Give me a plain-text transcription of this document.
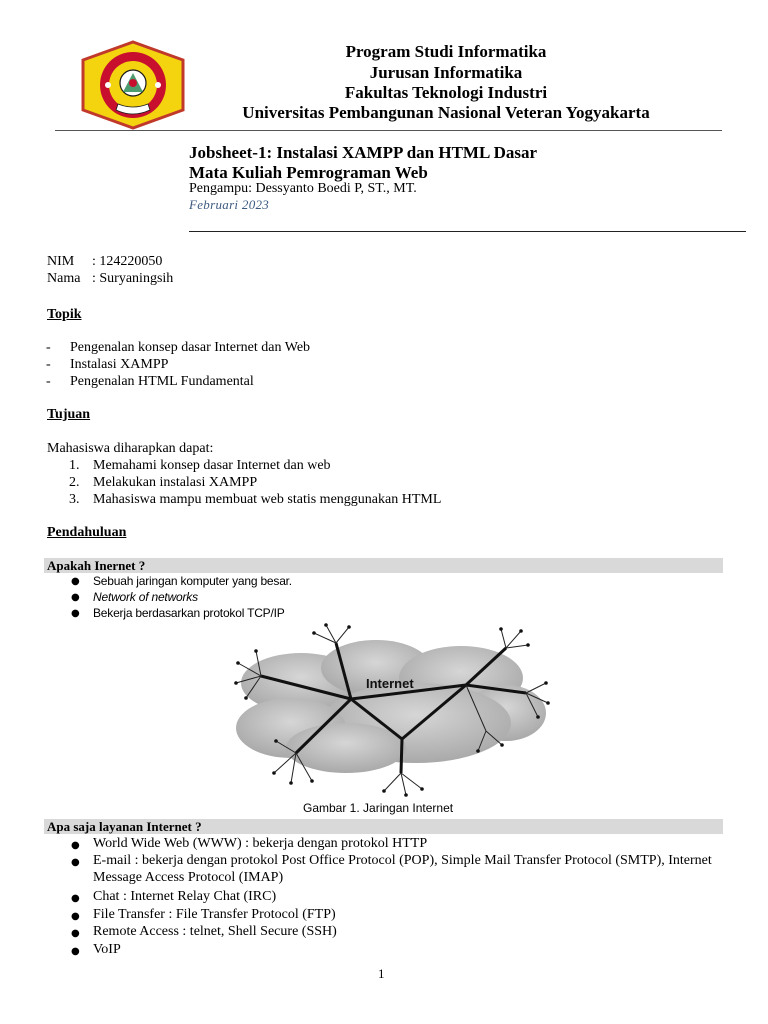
Program Studi Informatika
Jurusan Informatika
Fakultas Teknologi Industri
Universitas Pembangunan Nasional Veteran Yogyakarta
Jobsheet-1: Instalasi XAMPP dan HTML Dasar
Mata Kuliah Pemrograman Web
Pengampu: Dessyanto Boedi P, ST., MT.
Februari 2023
NIM : 124220050
Nama : Suryaningsih
Topik
- Pengenalan konsep dasar Internet dan Web
- Instalasi XAMPP
- Pengenalan HTML Fundamental
Tujuan
Mahasiswa diharapkan dapat:
1. Memahami konsep dasar Internet dan web
2. Melakukan instalasi XAMPP
3. Mahasiswa mampu membuat web statis menggunakan HTML
Pendahuluan
Apakah Inernet ?
● Sebuah jaringan komputer yang besar.
● Network of networks
● Bekerja berdasarkan protokol TCP/IP
Internet
Gambar 1. Jaringan Internet
Apa saja layanan Internet ?
● World Wide Web (WWW) : bekerja dengan protokol HTTP
● E-mail : bekerja dengan protokol Post Office Protocol (POP), Simple Mail Transfer Protocol (SMTP), Internet Message Access Protocol (IMAP)
● Chat : Internet Relay Chat (IRC)
● File Transfer : File Transfer Protocol (FTP)
● Remote Access : telnet, Shell Secure (SSH)
● VoIP
1
